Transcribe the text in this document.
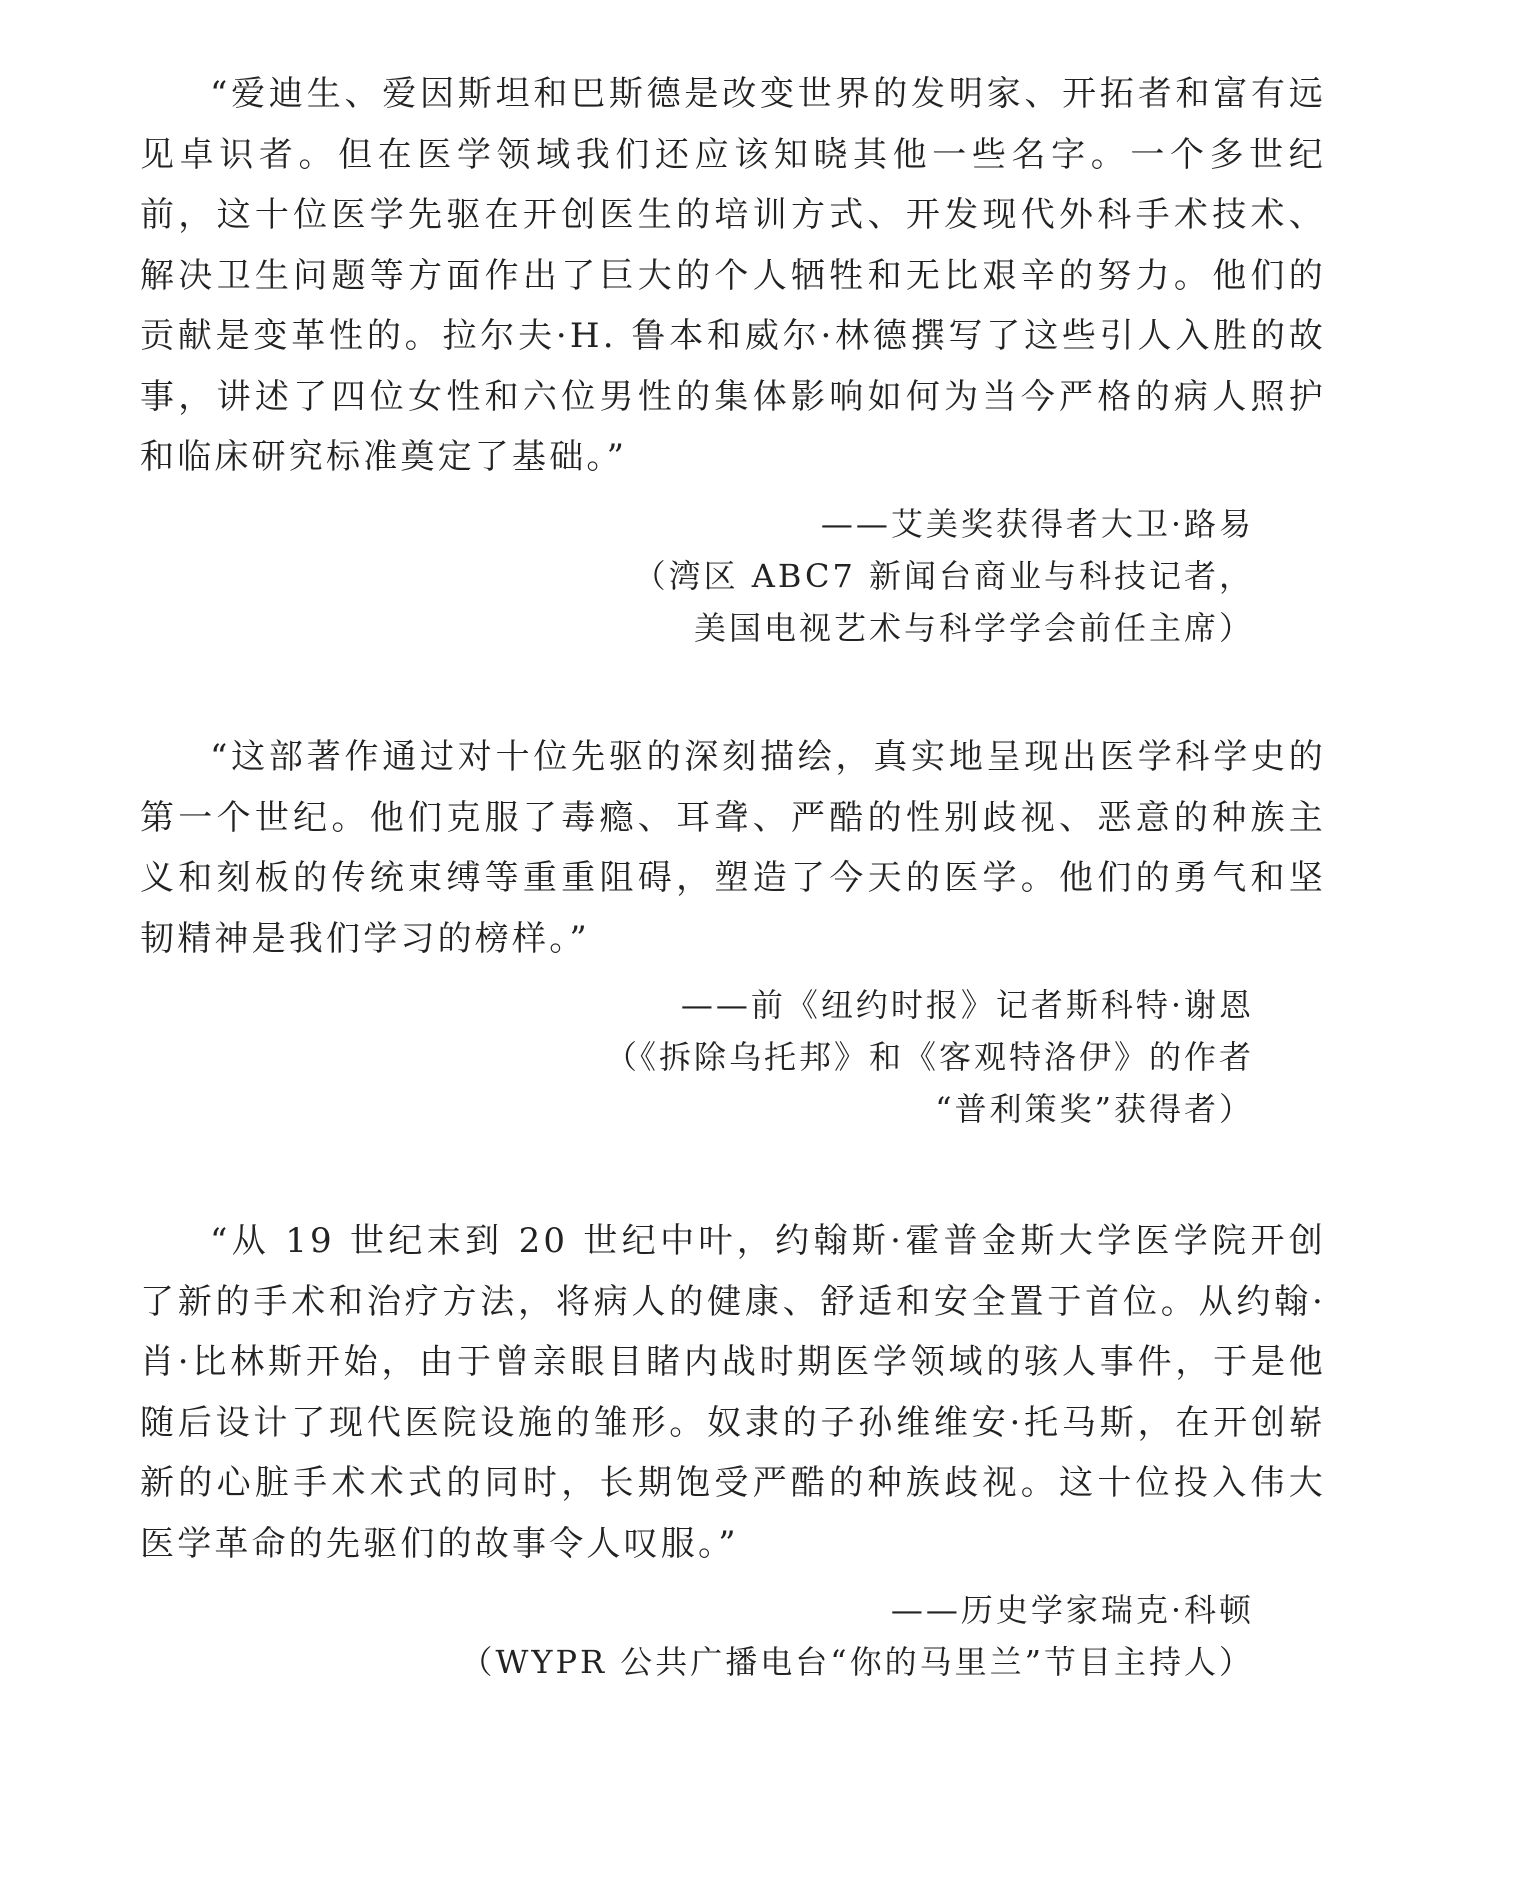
“爱迪生、爱因斯坦和巴斯德是改变世界的发明家、开拓者和富有远见卓识者。但在医学领域我们还应该知晓其他一些名字。一个多世纪前，这十位医学先驱在开创医生的培训方式、开发现代外科手术技术、解决卫生问题等方面作出了巨大的个人牺牲和无比艰辛的努力。他们的贡献是变革性的。拉尔夫·H. 鲁本和威尔·林德撰写了这些引人入胜的故事，讲述了四位女性和六位男性的集体影响如何为当今严格的病人照护和临床研究标准奠定了基础。”

——艾美奖获得者大卫·路易
（湾区 ABC7 新闻台商业与科技记者，
美国电视艺术与科学学会前任主席）

“这部著作通过对十位先驱的深刻描绘，真实地呈现出医学科学史的第一个世纪。他们克服了毒瘾、耳聋、严酷的性别歧视、恶意的种族主义和刻板的传统束缚等重重阻碍，塑造了今天的医学。他们的勇气和坚韧精神是我们学习的榜样。”

——前《纽约时报》记者斯科特·谢恩
（《拆除乌托邦》和《客观特洛伊》的作者
“普利策奖”获得者）

“从 19 世纪末到 20 世纪中叶，约翰斯·霍普金斯大学医学院开创了新的手术和治疗方法，将病人的健康、舒适和安全置于首位。从约翰·肖·比林斯开始，由于曾亲眼目睹内战时期医学领域的骇人事件，于是他随后设计了现代医院设施的雏形。奴隶的子孙维维安·托马斯，在开创崭新的心脏手术术式的同时，长期饱受严酷的种族歧视。这十位投入伟大医学革命的先驱们的故事令人叹服。”

——历史学家瑞克·科顿
（WYPR 公共广播电台“你的马里兰”节目主持人）
